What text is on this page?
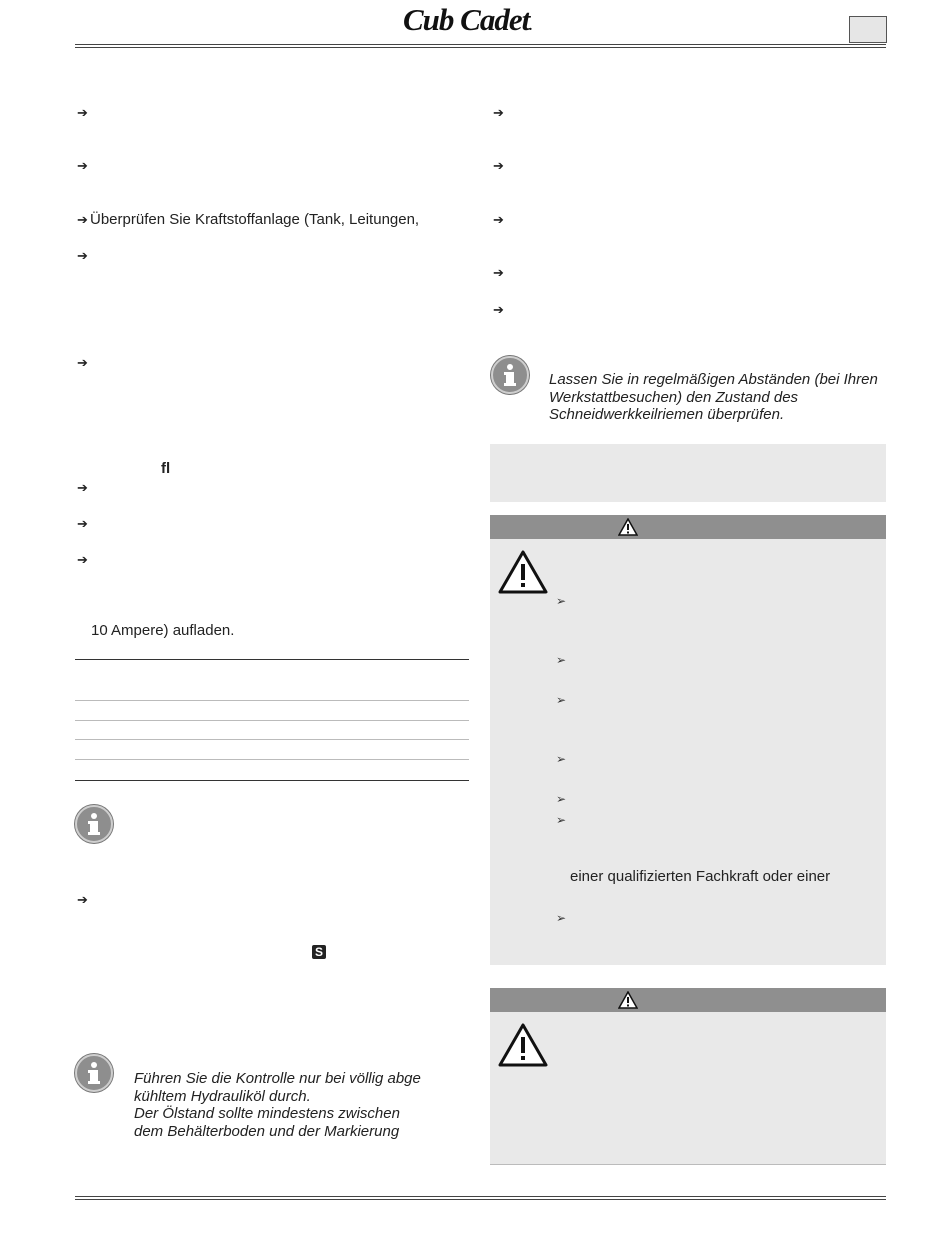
Cub Cadet.
➔
➔
➔ Überprüfen Sie Kraftstoffanlage (Tank, Leitungen,
➔
➔
fl
➔
➔
➔
10 Ampere) aufladen.
➔
S
Führen Sie die Kontrolle nur bei völlig abge
kühltem Hydrauliköl durch.
Der Ölstand sollte mindestens zwischen
dem Behälterboden und der Markierung
➔
➔
➔
➔
➔
Lassen Sie in regelmäßigen Abständen (bei Ihren Werkstattbesuchen) den Zustand des Schneidwerkkeilriemen überprüfen.
➢
➢
➢
➢
➢
➢
einer qualifizierten Fachkraft oder einer
➢
